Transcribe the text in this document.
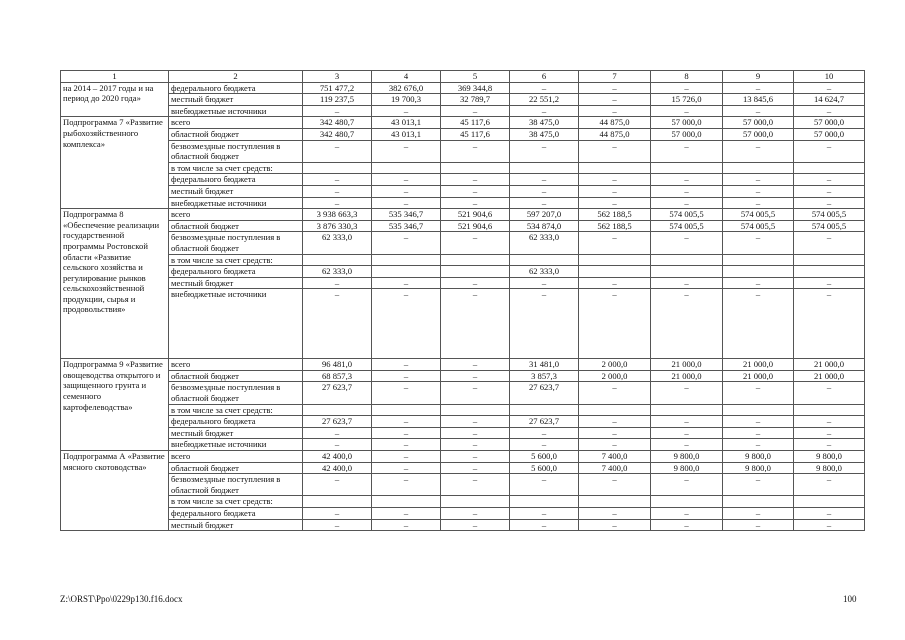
1	2	3	4	5	6	7	8	9	10
на 2014 – 2017 годы и на период до 2020 года»	федерального бюджета	751 477,2	382 676,0	369 344,8	–	–	–	–	–
	местный бюджет	119 237,5	19 700,3	32 789,7	22 551,2	–	15 726,0	13 845,6	14 624,7
	внебюджетные источники	–	–	–	–	–	–	–	–
Подпрограмма 7 «Развитие рыбохозяйственного комплекса»	всего	342 480,7	43 013,1	45 117,6	38 475,0	44 875,0	57 000,0	57 000,0	57 000,0
	областной бюджет	342 480,7	43 013,1	45 117,6	38 475,0	44 875,0	57 000,0	57 000,0	57 000,0
	безвозмездные поступления в областной бюджет	–	–	–	–	–	–	–	–
	в том числе за счет средств:								
	федерального бюджета	–	–	–	–	–	–	–	–
	местный бюджет	–	–	–	–	–	–	–	–
	внебюджетные источники	–	–	–	–	–	–	–	–
Подпрограмма 8 «Обеспечение реализации государственной программы Ростовской области «Развитие сельского хозяйства и регулирование рынков сельскохозяйственной продукции, сырья и продовольствия»	всего	3 938 663,3	535 346,7	521 904,6	597 207,0	562 188,5	574 005,5	574 005,5	574 005,5
	областной бюджет	3 876 330,3	535 346,7	521 904,6	534 874,0	562 188,5	574 005,5	574 005,5	574 005,5
	безвозмездные поступления в областной бюджет	62 333,0	–	–	62 333,0	–	–	–	–
	в том числе за счет средств:								
	федерального бюджета	62 333,0			62 333,0				
	местный бюджет	–	–	–	–	–	–	–	–
	внебюджетные источники	–	–	–	–	–	–	–	–
Подпрограмма 9 «Развитие овощеводства открытого и защищенного грунта и семенного картофелеводства»	всего	96 481,0	–	–	31 481,0	2 000,0	21 000,0	21 000,0	21 000,0
	областной бюджет	68 857,3	–	–	3 857,3	2 000,0	21 000,0	21 000,0	21 000,0
	безвозмездные поступления в областной бюджет	27 623,7	–	–	27 623,7	–	–	–	–
	в том числе за счет средств:								
	федерального бюджета	27 623,7	–	–	27 623,7	–	–	–	–
	местный бюджет	–	–	–	–	–	–	–	–
	внебюджетные источники	–	–	–	–	–	–	–	–
Подпрограмма А «Развитие мясного скотоводства»	всего	42 400,0	–	–	5 600,0	7 400,0	9 800,0	9 800,0	9 800,0
	областной бюджет	42 400,0	–	–	5 600,0	7 400,0	9 800,0	9 800,0	9 800,0
	безвозмездные поступления в областной бюджет	–	–	–	–	–	–	–	–
	в том числе за счет средств:								
	федерального бюджета	–	–	–	–	–	–	–	–
	местный бюджет	–	–	–	–	–	–	–	–
Z:\ORST\Ppo\0229p130.f16.docx	100
